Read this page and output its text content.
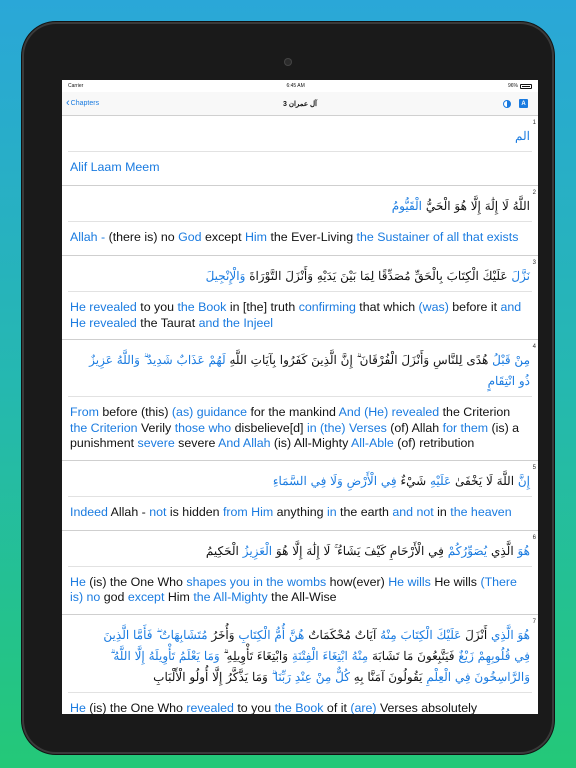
Carrier	6:45 AM	96%
‹ Chapters	3 آل عمران	A
1
الم
Alif Laam Meem
2
اللَّهُ لَا إِلَٰهَ إِلَّا هُوَ الْحَيُّ الْقَيُّومُ
Allah - (there is) no God except Him the Ever-Living the Sustainer of all that exists
3
نَزَّلَ عَلَيْكَ الْكِتَابَ بِالْحَقِّ مُصَدِّقًا لِمَا بَيْنَ يَدَيْهِ وَأَنْزَلَ التَّوْرَاةَ وَالْإِنْجِيلَ
He revealed to you the Book in [the] truth confirming that which (was) before it and He revealed the Taurat and the Injeel
4
مِنْ قَبْلُ هُدًى لِلنَّاسِ وَأَنْزَلَ الْفُرْقَانَ ۗ إِنَّ الَّذِينَ كَفَرُوا بِآيَاتِ اللَّهِ لَهُمْ عَذَابٌ شَدِيدٌ ۗ وَاللَّهُ عَزِيزٌ ذُو انْتِقَامٍ
From before (this) (as) guidance for the mankind And (He) revealed the Criterion the Criterion Verily those who disbelieve[d] in (the) Verses (of) Allah for them (is) a punishment severe severe And Allah (is) All-Mighty All-Able (of) retribution
5
إِنَّ اللَّهَ لَا يَخْفَىٰ عَلَيْهِ شَيْءٌ فِي الْأَرْضِ وَلَا فِي السَّمَاءِ
Indeed Allah - not is hidden from Him anything in the earth and not in the heaven
6
هُوَ الَّذِي يُصَوِّرُكُمْ فِي الْأَرْحَامِ كَيْفَ يَشَاءُ ۚ لَا إِلَٰهَ إِلَّا هُوَ الْعَزِيزُ الْحَكِيمُ
He (is) the One Who shapes you in the wombs how(ever) He wills He wills (There is) no god except Him the All-Mighty the All-Wise
7
هُوَ الَّذِي أَنْزَلَ عَلَيْكَ الْكِتَابَ مِنْهُ آيَاتٌ مُحْكَمَاتٌ هُنَّ أُمُّ الْكِتَابِ وَأُخَرُ مُتَشَابِهَاتٌ ۖ فَأَمَّا الَّذِينَ فِي قُلُوبِهِمْ زَيْغٌ فَيَتَّبِعُونَ مَا تَشَابَهَ مِنْهُ ابْتِغَاءَ الْفِتْنَةِ وَابْتِغَاءَ تَأْوِيلِهِ ۗ وَمَا يَعْلَمُ تَأْوِيلَهُ إِلَّا اللَّهُ ۗ وَالرَّاسِخُونَ فِي الْعِلْمِ يَقُولُونَ آمَنَّا بِهِ كُلٌّ مِنْ عِنْدِ رَبِّنَا ۗ وَمَا يَذَّكَّرُ إِلَّا أُولُو الْأَلْبَابِ
He (is) the One Who revealed to you the Book of it (are) Verses absolutely
